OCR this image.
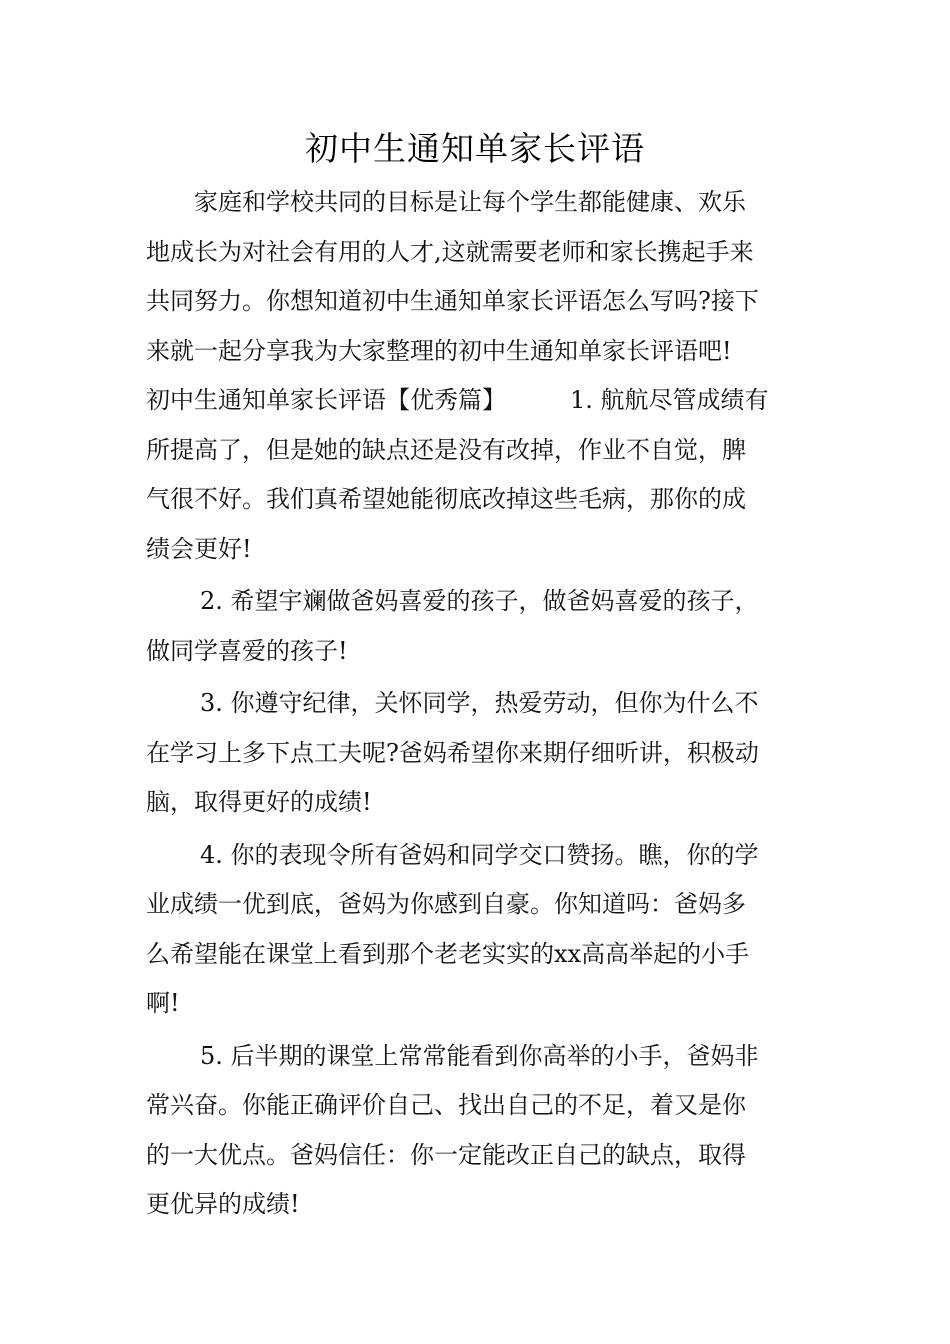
初中生通知单家长评语
家庭和学校共同的目标是让每个学生都能健康、欢乐
地成长为对社会有用的人才,这就需要老师和家长携起手来
共同努力。你想知道初中生通知单家长评语怎么写吗?接下
来就一起分享我为大家整理的初中生通知单家长评语吧!
初中生通知单家长评语【优秀篇】	1. 航航尽管成绩有
所提高了，但是她的缺点还是没有改掉，作业不自觉，脾
气很不好。我们真希望她能彻底改掉这些毛病，那你的成
绩会更好!
2. 希望宇斓做爸妈喜爱的孩子，做爸妈喜爱的孩子，
做同学喜爱的孩子!
3. 你遵守纪律，关怀同学，热爱劳动，但你为什么不
在学习上多下点工夫呢?爸妈希望你来期仔细听讲，积极动
脑，取得更好的成绩!
4. 你的表现令所有爸妈和同学交口赞扬。瞧，你的学
业成绩一优到底，爸妈为你感到自豪。你知道吗：爸妈多
么希望能在课堂上看到那个老老实实的xx高高举起的小手
啊!
5. 后半期的课堂上常常能看到你高举的小手，爸妈非
常兴奋。你能正确评价自己、找出自己的不足，着又是你
的一大优点。爸妈信任：你一定能改正自己的缺点，取得
更优异的成绩!
